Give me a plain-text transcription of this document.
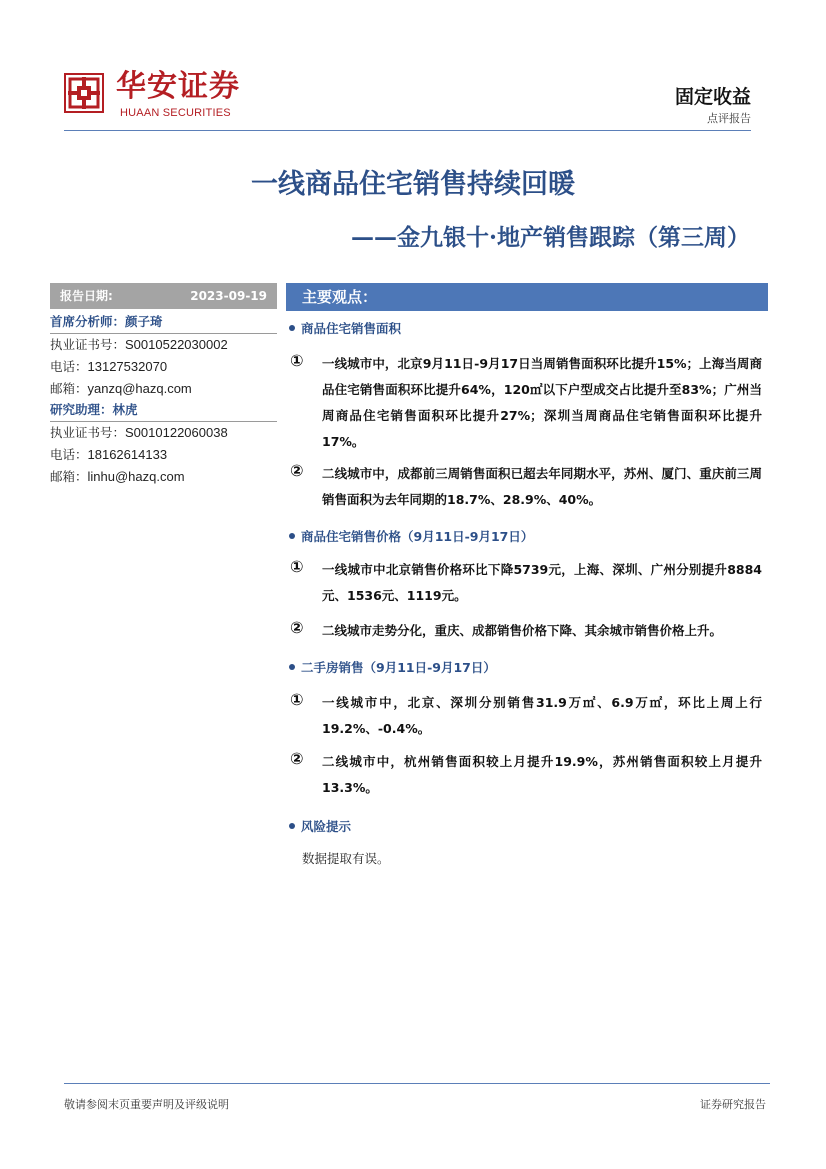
华安证券
HUAAN SECURITIES
固定收益
点评报告
一线商品住宅销售持续回暖
——金九银十·地产销售跟踪（第三周）
报告日期:	2023-09-19
首席分析师：颜子琦
执业证书号：S0010522030002
电话：13127532070
邮箱：yanzq@hazq.com
研究助理：林虎
执业证书号：S0010122060038
电话：18162614133
邮箱：linhu@hazq.com
主要观点：
商品住宅销售面积
① 一线城市中，北京9月11日-9月17日当周销售面积环比提升15%；上海当周商品住宅销售面积环比提升64%，120㎡以下户型成交占比提升至83%；广州当周商品住宅销售面积环比提升27%；深圳当周商品住宅销售面积环比提升17%。
② 二线城市中，成都前三周销售面积已超去年同期水平，苏州、厦门、重庆前三周销售面积为去年同期的18.7%、28.9%、40%。
商品住宅销售价格（9月11日-9月17日）
① 一线城市中北京销售价格环比下降5739元，上海、深圳、广州分别提升8884元、1536元、1119元。
② 二线城市走势分化，重庆、成都销售价格下降、其余城市销售价格上升。
二手房销售（9月11日-9月17日）
① 一线城市中，北京、深圳分别销售31.9万㎡、6.9万㎡，环比上周上行19.2%、-0.4%。
② 二线城市中，杭州销售面积较上月提升19.9%，苏州销售面积较上月提升13.3%。
风险提示
数据提取有误。
敬请参阅末页重要声明及评级说明	证券研究报告
